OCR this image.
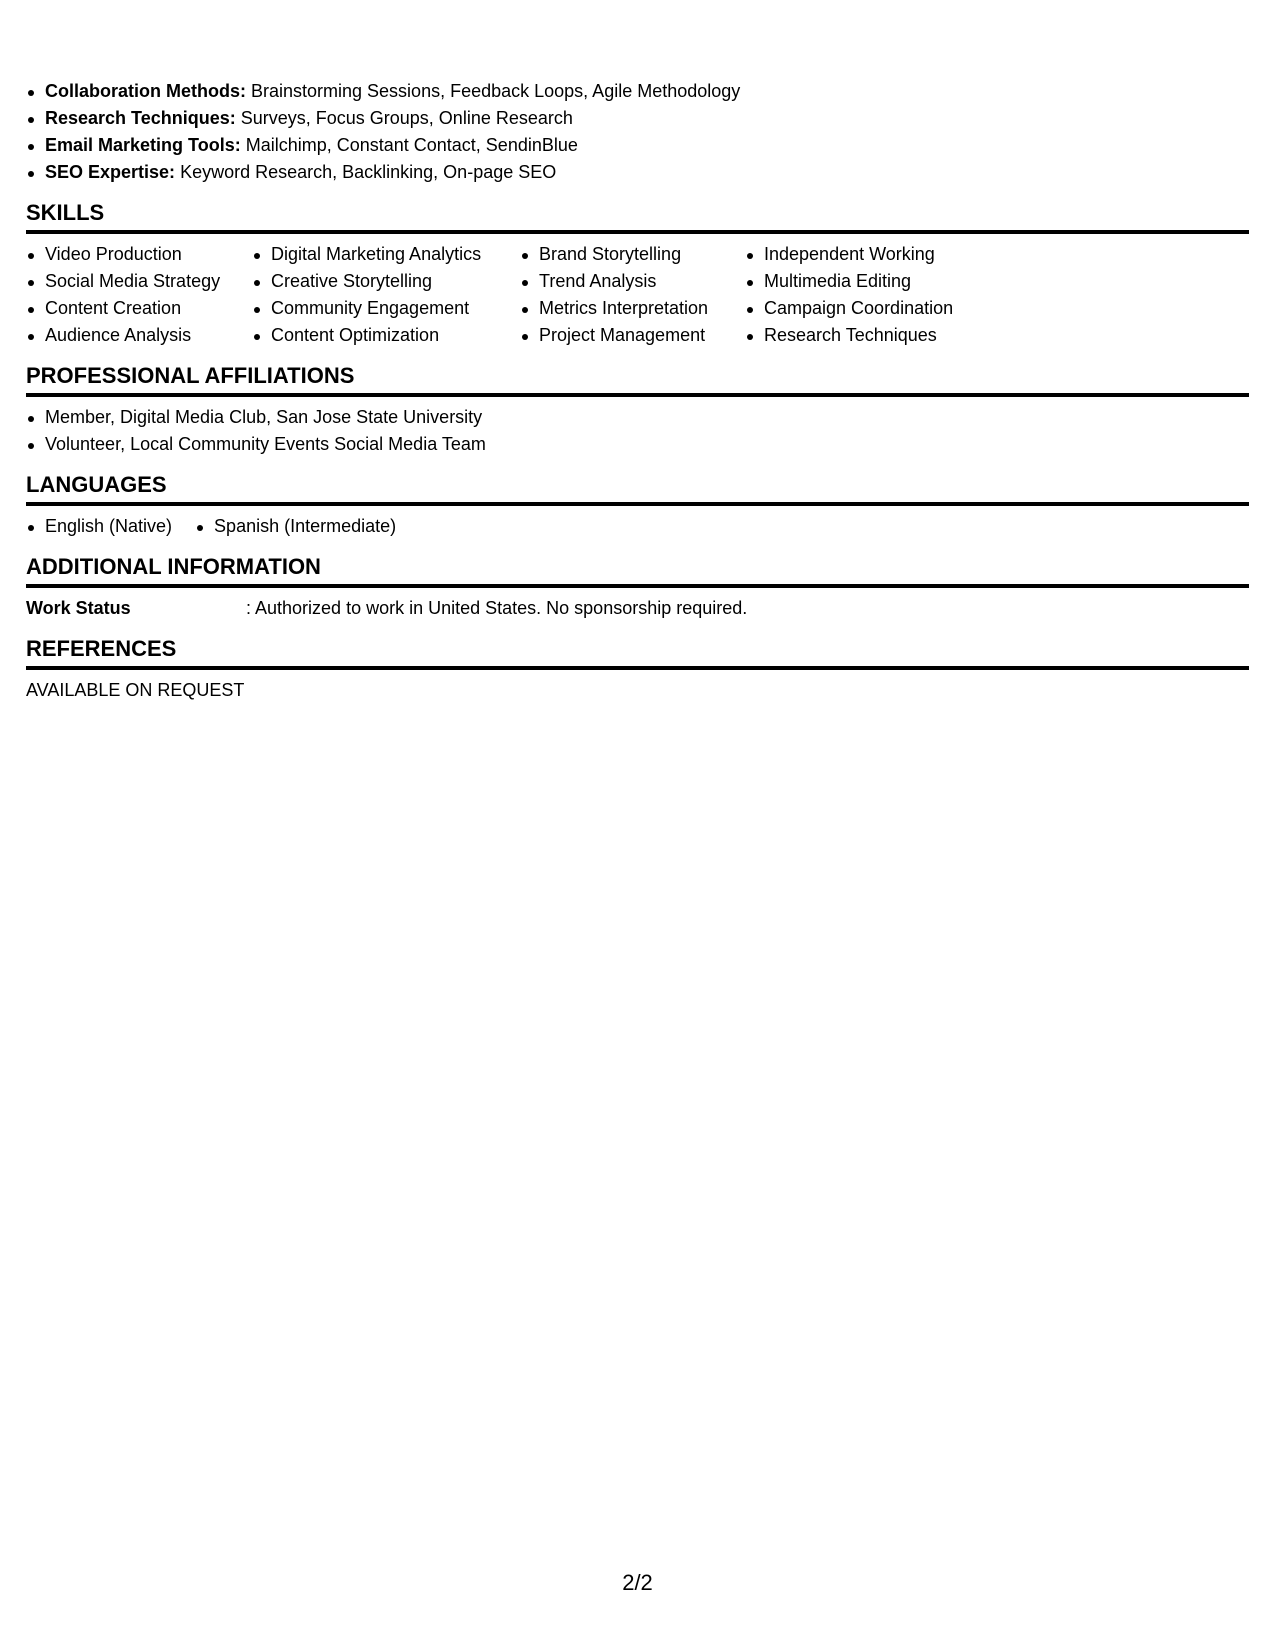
Collaboration Methods: Brainstorming Sessions, Feedback Loops, Agile Methodology
Research Techniques: Surveys, Focus Groups, Online Research
Email Marketing Tools: Mailchimp, Constant Contact, SendinBlue
SEO Expertise: Keyword Research, Backlinking, On-page SEO
SKILLS
Video Production
Social Media Strategy
Content Creation
Audience Analysis
Digital Marketing Analytics
Creative Storytelling
Community Engagement
Content Optimization
Brand Storytelling
Trend Analysis
Metrics Interpretation
Project Management
Independent Working
Multimedia Editing
Campaign Coordination
Research Techniques
PROFESSIONAL AFFILIATIONS
Member, Digital Media Club, San Jose State University
Volunteer, Local Community Events Social Media Team
LANGUAGES
English (Native)	Spanish (Intermediate)
ADDITIONAL INFORMATION
Work Status	: Authorized to work in United States. No sponsorship required.
REFERENCES
AVAILABLE ON REQUEST
2/2
